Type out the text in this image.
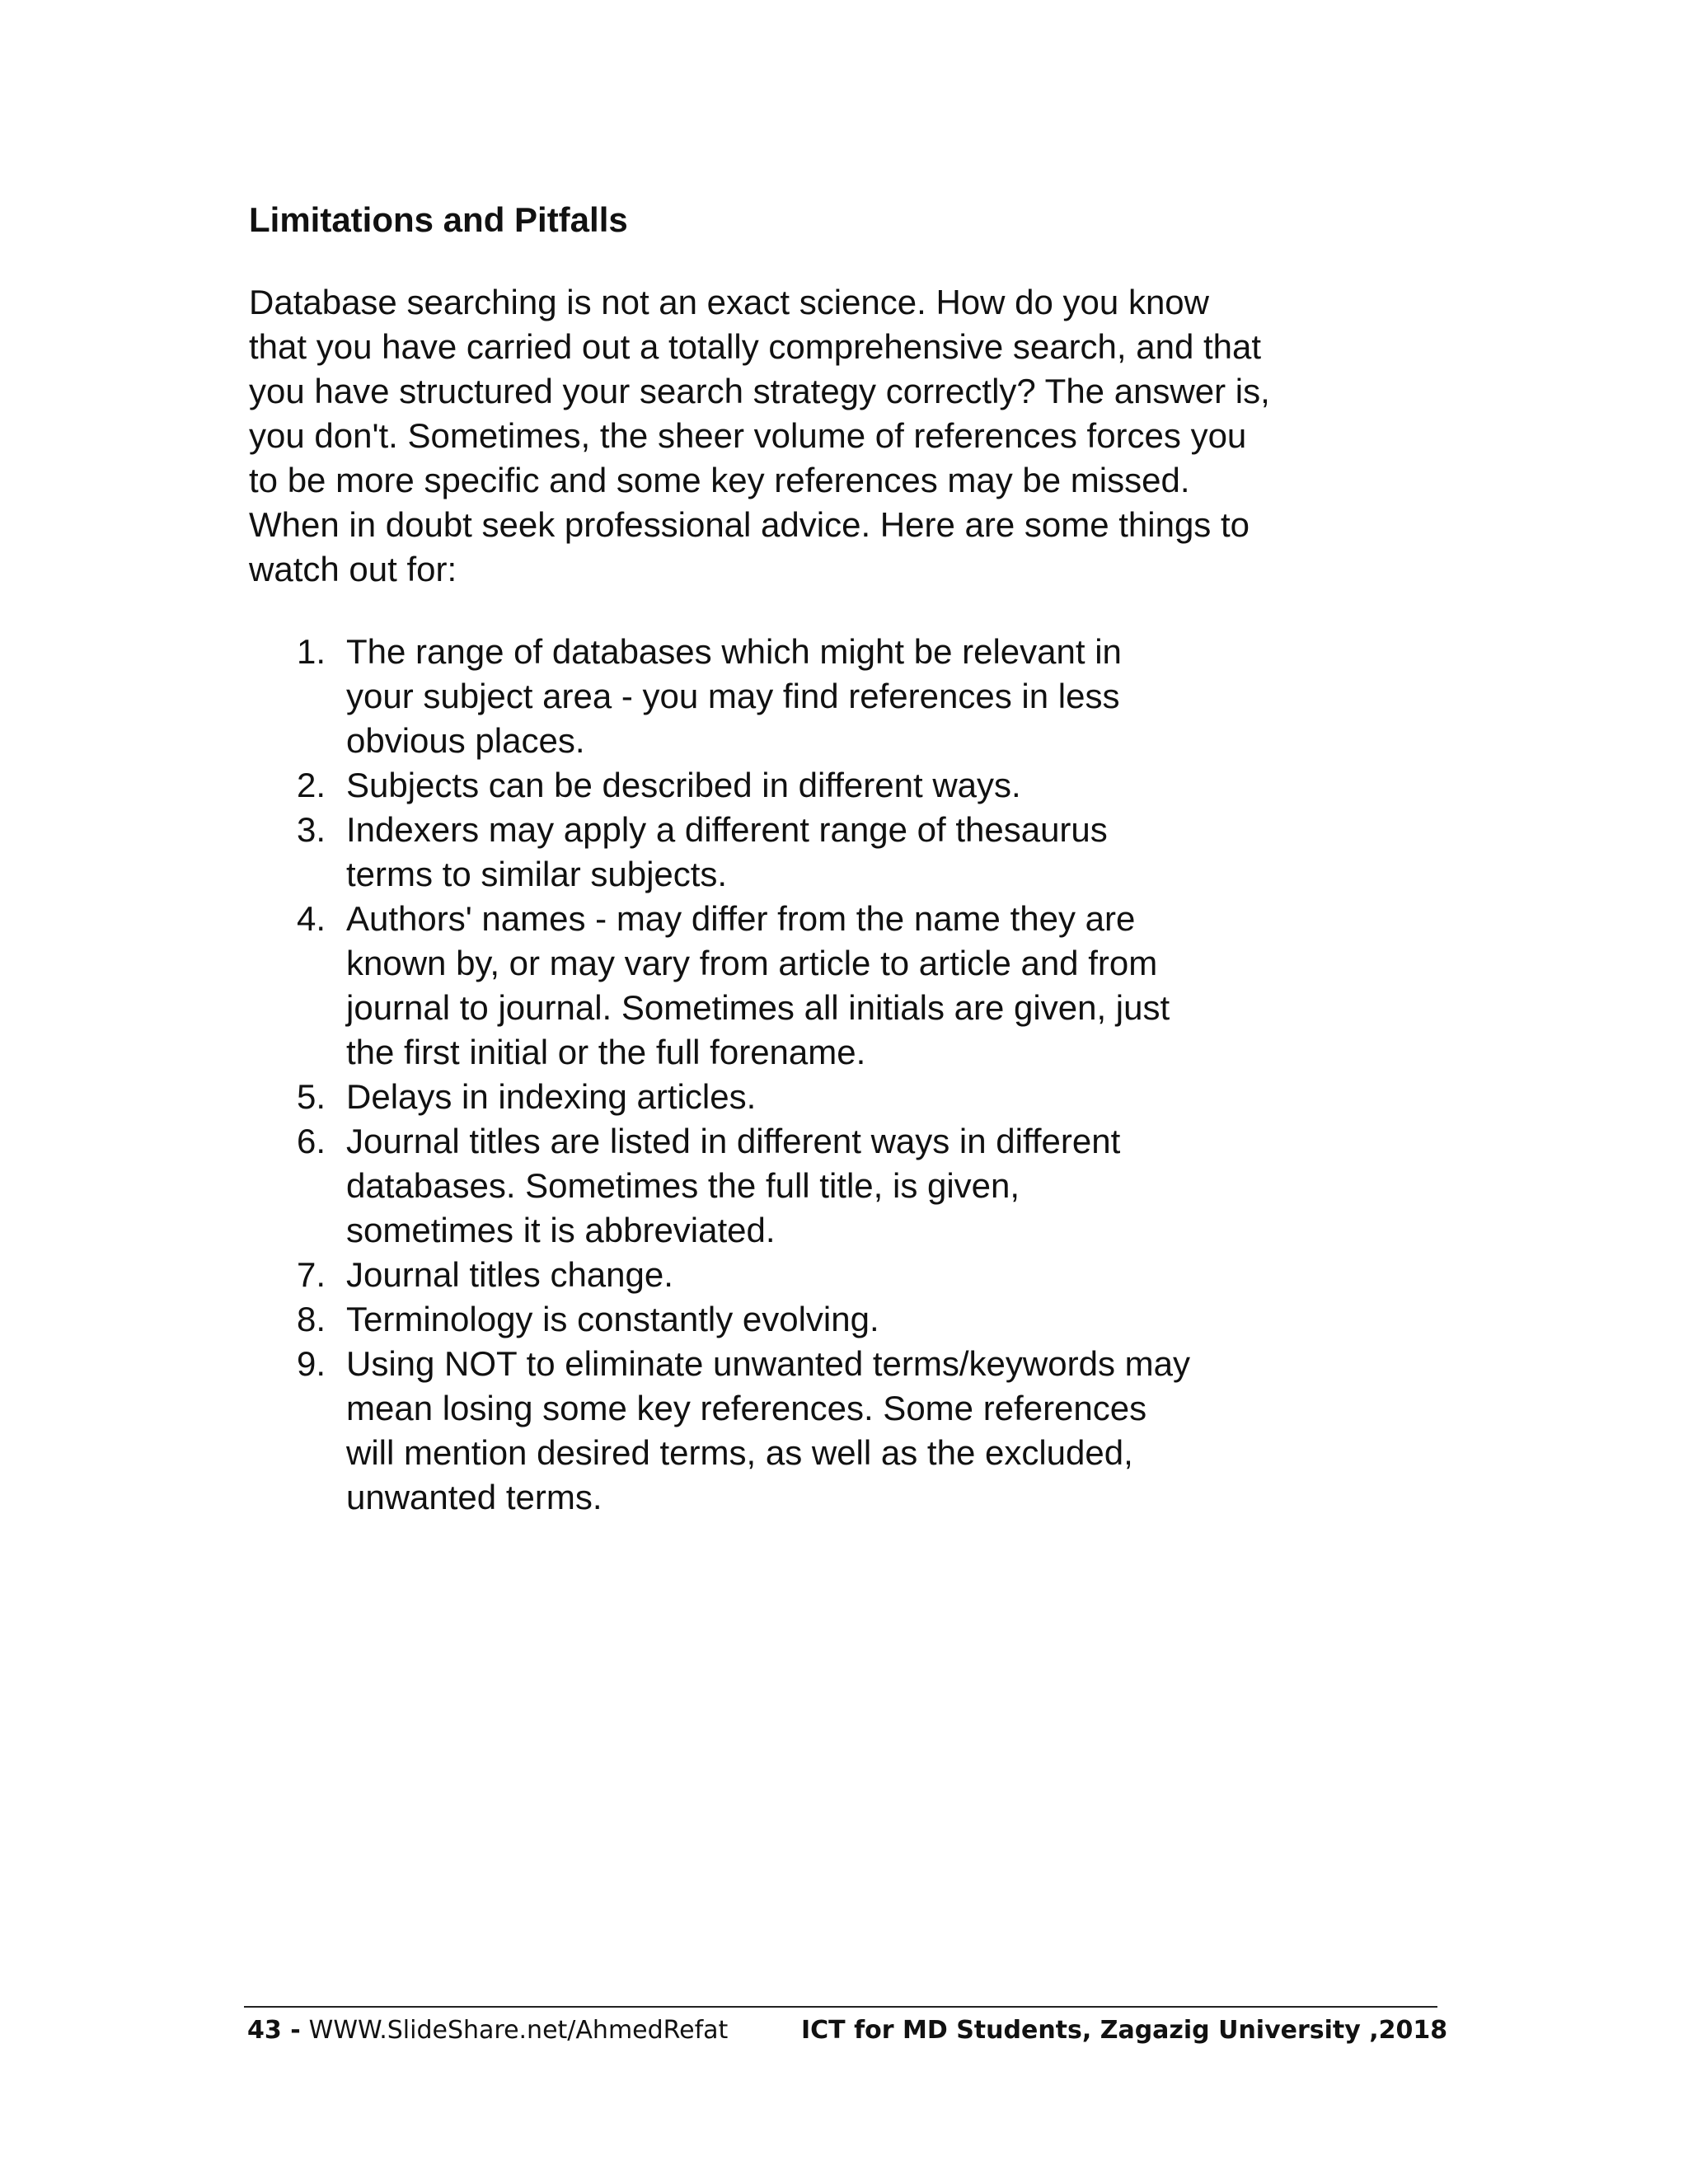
Limitations and Pitfalls

Database searching is not an exact science. How do you know
that you have carried out a totally comprehensive search, and that
you have structured your search strategy correctly? The answer is,
you don't. Sometimes, the sheer volume of references forces you
to be more specific and some key references may be missed.
When in doubt seek professional advice. Here are some things to
watch out for:

1. The range of databases which might be relevant in
your subject area - you may find references in less
obvious places.
2. Subjects can be described in different ways.
3. Indexers may apply a different range of thesaurus
terms to similar subjects.
4. Authors' names - may differ from the name they are
known by, or may vary from article to article and from
journal to journal. Sometimes all initials are given, just
the first initial or the full forename.
5. Delays in indexing articles.
6. Journal titles are listed in different ways in different
databases. Sometimes the full title, is given,
sometimes it is abbreviated.
7. Journal titles change.
8. Terminology is constantly evolving.
9. Using NOT to eliminate unwanted terms/keywords may
mean losing some key references. Some references
will mention desired terms, as well as the excluded,
unwanted terms.
43 - WWW.SlideShare.net/AhmedRefat	ICT for MD Students, Zagazig University ,2018
